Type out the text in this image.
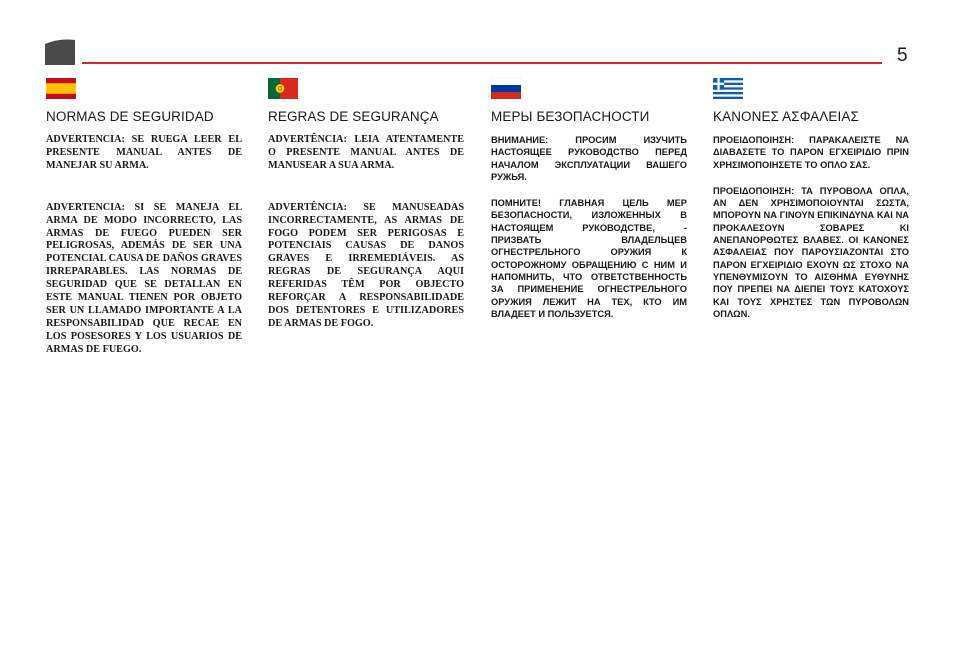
5
NORMAS DE SEGURIDAD

ADVERTENCIA: SE RUEGA LEER EL PRESENTE MANUAL ANTES DE MANEJAR SU ARMA.

ADVERTENCIA: SI SE MANEJA EL ARMA DE MODO INCORRECTO, LAS ARMAS DE FUEGO PUEDEN SER PELIGROSAS, ADEMÁS DE SER UNA POTENCIAL CAUSA DE DAÑOS GRAVES IRREPARABLES. LAS NORMAS DE SEGURIDAD QUE SE DETALLAN EN ESTE MANUAL TIENEN POR OBJETO SER UN LLAMADO IMPORTANTE A LA RESPONSABILIDAD QUE RECAE EN LOS POSESORES Y LOS USUARIOS DE ARMAS DE FUEGO.

REGRAS DE SEGURANÇA

ADVERTÊNCIA: LEIA ATENTAMENTE O PRESENTE MANUAL ANTES DE MANUSEAR A SUA ARMA.

ADVERTÊNCIA: SE MANUSEADAS INCORRECTAMENTE, AS ARMAS DE FOGO PODEM SER PERIGOSAS E POTENCIAIS CAUSAS DE DANOS GRAVES E IRREMEDIÁVEIS. AS REGRAS DE SEGURANÇA AQUI REFERIDAS TÊM POR OBJECTO REFORÇAR A RESPONSABILIDADE DOS DETENTORES E UTILIZADORES DE ARMAS DE FOGO.

МЕРЫ БЕЗОПАСНОСТИ

ВНИМАНИЕ: ПРОСИМ ИЗУЧИТЬ НАСТОЯЩЕЕ РУКОВОДСТВО ПЕРЕД НАЧАЛОМ ЭКСПЛУАТАЦИИ ВАШЕГО РУЖЬЯ.

ПОМНИТЕ! ГЛАВНАЯ ЦЕЛЬ МЕР БЕЗОПАСНОСТИ, ИЗЛОЖЕННЫХ В НАСТОЯЩЕМ РУКОВОДСТВЕ, - ПРИЗВАТЬ ВЛАДЕЛЬЦЕВ ОГНЕСТРЕЛЬНОГО ОРУЖИЯ К ОСТОРОЖНОМУ ОБРАЩЕНИЮ С НИМ И НАПОМНИТЬ, ЧТО ОТВЕТСТВЕННОСТЬ ЗА ПРИМЕНЕНИЕ ОГНЕСТРЕЛЬНОГО ОРУЖИЯ ЛЕЖИТ НА ТЕХ, КТО ИМ ВЛАДЕЕТ И ПОЛЬЗУЕТСЯ.

ΚΑΝΟΝΕΣ ΑΣΦΑΛΕΙΑΣ

ΠΡΟΕΙΔΟΠΟΙΗΣΗ: ΠΑΡΑΚΑΛΕΙΣΤΕ ΝΑ ΔΙΑΒΑΣΕΤΕ ΤΟ ΠΑΡΟΝ ΕΓΧΕΙΡΙΔΙΟ ΠΡΙΝ ΧΡΗΣΙΜΟΠΟΙΗΣΕΤΕ ΤΟ ΟΠΛΟ ΣΑΣ.

ΠΡΟΕΙΔΟΠΟΙΗΣΗ: ΤΑ ΠΥΡΟΒΟΛΑ ΟΠΛΑ, ΑΝ ΔΕΝ ΧΡΗΣΙΜΟΠΟΙΟΥΝΤΑΙ ΣΩΣΤΑ, ΜΠΟΡΟΥΝ ΝΑ ΓΙΝΟΥΝ ΕΠΙΚΙΝΔΥΝΑ ΚΑΙ ΝΑ ΠΡΟΚΑΛΕΣΟΥΝ ΣΟΒΑΡΕΣ ΚΙ ΑΝΕΠΑΝΟΡΘΩΤΕΣ ΒΛΑΒΕΣ. ΟΙ ΚΑΝΟΝΕΣ ΑΣΦΑΛΕΙΑΣ ΠΟΥ ΠΑΡΟΥΣΙΑΖΟΝΤΑΙ ΣΤΟ ΠΑΡΟΝ ΕΓΧΕΙΡΙΔΙΟ ΕΧΟΥΝ ΩΣ ΣΤΟΧΟ ΝΑ ΥΠΕΝΘΥΜΙΣΟΥΝ ΤΟ ΑΙΣΘΗΜΑ ΕΥΘΥΝΗΣ ΠΟΥ ΠΡΕΠΕΙ ΝΑ ΔΙΕΠΕΙ ΤΟΥΣ ΚΑΤΟΧΟΥΣ ΚΑΙ ΤΟΥΣ ΧΡΗΣΤΕΣ ΤΩΝ ΠΥΡΟΒΟΛΩΝ ΟΠΛΩΝ.
